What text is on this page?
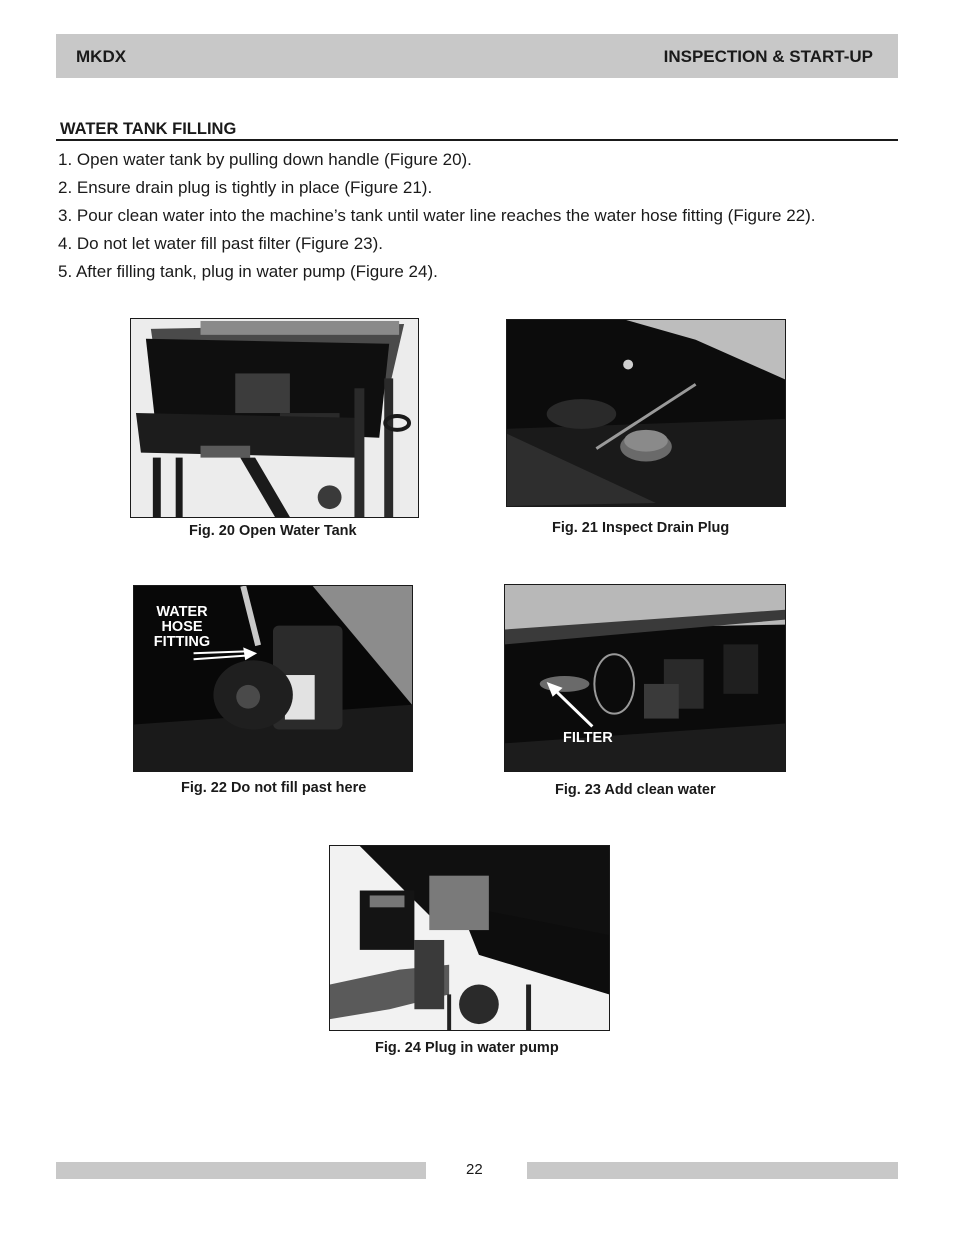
MKDX	INSPECTION & START-UP
WATER TANK FILLING
1. Open water tank by pulling down handle (Figure 20).
2. Ensure drain plug is tightly in place (Figure 21).
3. Pour clean water into the machine’s tank until water line reaches the water hose fitting (Figure 22).
4. Do not let water fill past filter (Figure 23).
5. After filling tank, plug in water pump (Figure 24).
Fig. 20 Open Water Tank	Fig. 21 Inspect Drain Plug
WATER
HOSE
FITTING
Fig. 22 Do not fill past here
FILTER
Fig. 23 Add clean water
Fig. 24 Plug in water pump
22
